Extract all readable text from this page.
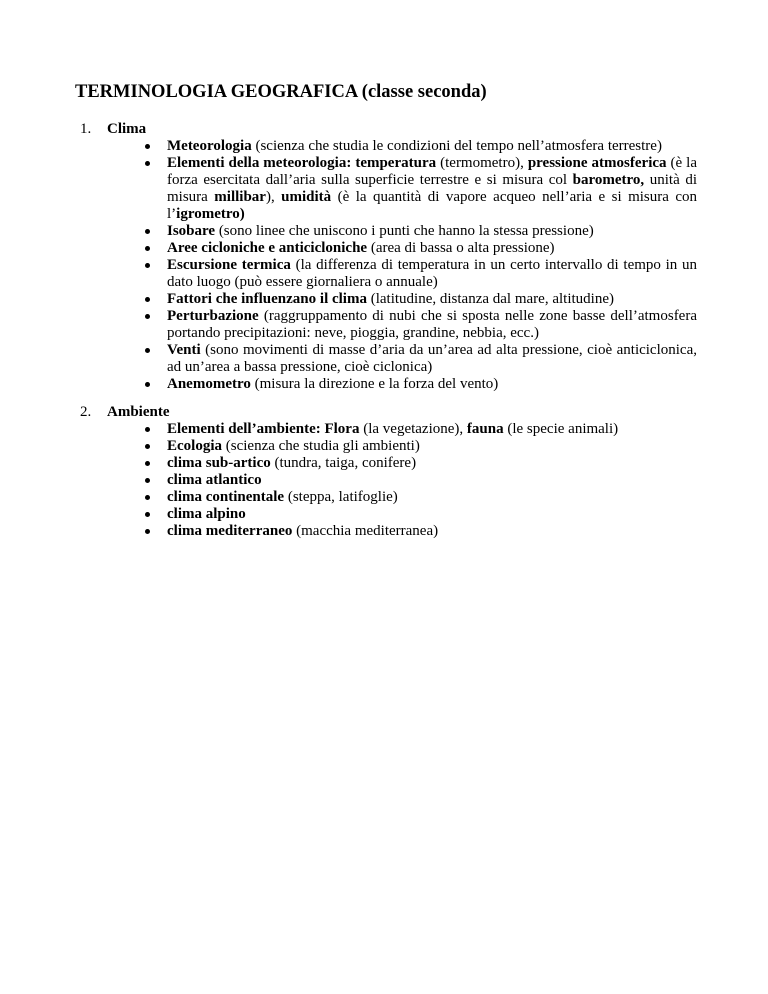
TERMINOLOGIA GEOGRAFICA (classe seconda)
1. Clima
Meteorologia (scienza che studia le condizioni del tempo nell’atmosfera terrestre)
Elementi della meteorologia: temperatura (termometro), pressione atmosferica (è la forza esercitata dall’aria sulla superficie terrestre e si misura col barometro, unità di misura millibar), umidità (è la quantità di vapore acqueo nell’aria e si misura con l’igrometro)
Isobare (sono linee che uniscono i punti che hanno la stessa pressione)
Aree cicloniche e anticicloniche (area di bassa o alta pressione)
Escursione termica (la differenza di temperatura in un certo intervallo di tempo in un dato luogo (può essere giornaliera o annuale)
Fattori che influenzano il clima (latitudine, distanza dal mare, altitudine)
Perturbazione (raggruppamento di nubi che si sposta nelle zone basse dell’atmosfera portando precipitazioni: neve, pioggia, grandine, nebbia, ecc.)
Venti (sono movimenti di masse d’aria da un’area ad alta pressione, cioè anticiclonica, ad un’area a bassa pressione, cioè ciclonica)
Anemometro (misura la direzione e la forza del vento)
2. Ambiente
Elementi dell’ambiente: Flora (la vegetazione), fauna (le specie animali)
Ecologia (scienza che studia gli ambienti)
clima sub-artico (tundra, taiga, conifere)
clima atlantico
clima continentale (steppa, latifoglie)
clima alpino
clima mediterraneo (macchia mediterranea)
